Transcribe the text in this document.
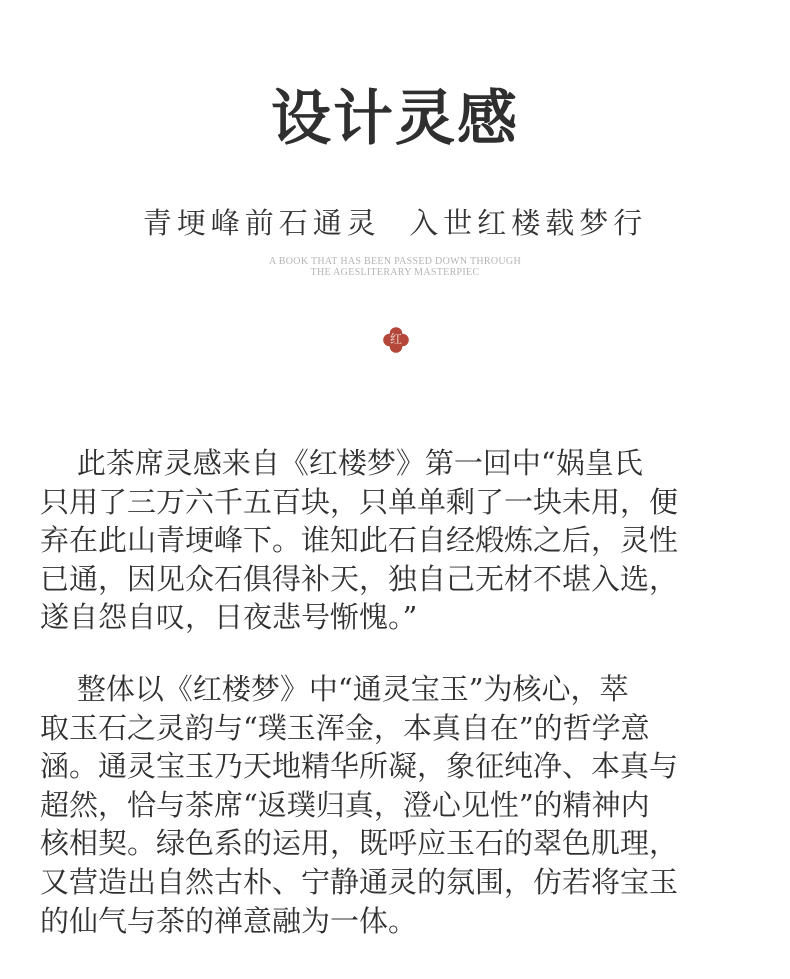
设计灵感
青埂峰前石通灵  入世红楼载梦行
A BOOK THAT HAS BEEN PASSED DOWN THROUGH
THE AGESLITERARY MASTERPIEC
红
此茶席灵感来自《红楼梦》第一回中“娲皇氏
只用了三万六千五百块，只单单剩了一块未用，便
弃在此山青埂峰下。谁知此石自经煅炼之后，灵性
已通，因见众石俱得补天，独自己无材不堪入选，
遂自怨自叹，日夜悲号惭愧。”
整体以《红楼梦》中“通灵宝玉”为核心，萃
取玉石之灵韵与“璞玉浑金，本真自在”的哲学意
涵。通灵宝玉乃天地精华所凝，象征纯净、本真与
超然，恰与茶席“返璞归真，澄心见性”的精神内
核相契。绿色系的运用，既呼应玉石的翠色肌理，
又营造出自然古朴、宁静通灵的氛围，仿若将宝玉
的仙气与茶的禅意融为一体。
